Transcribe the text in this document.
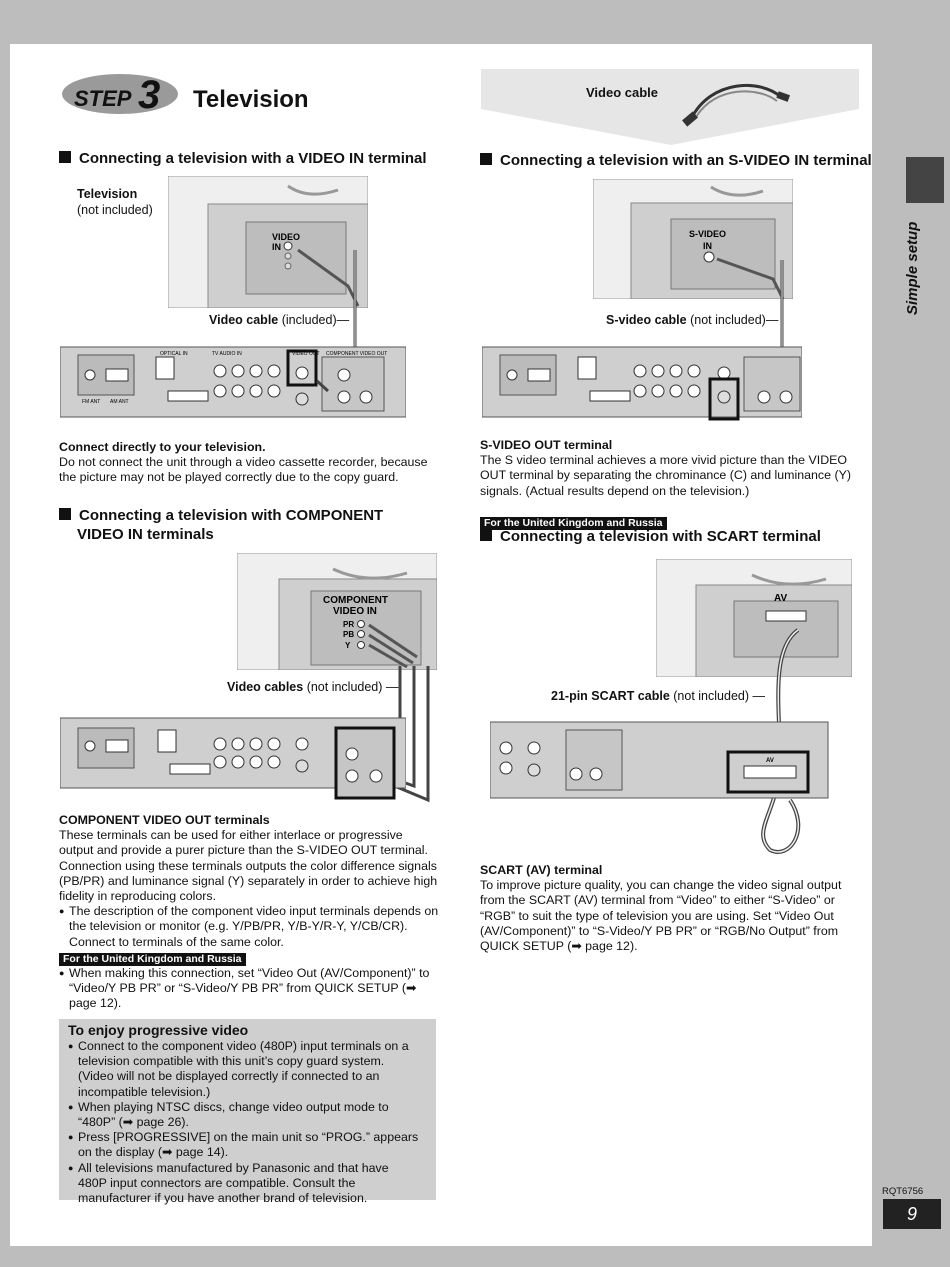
Simple setup
STEP 3 Television	Video cable
Connecting a television with a VIDEO IN terminal
Television
(not included)
VIDEO
IN
Video cable (included)—
OPTICAL IN	TV AUDIO IN	VIDEO OUT COMPONENT VIDEO OUT
FM ANT AM ANT
Connect directly to your television.
Do not connect the unit through a video cassette recorder, because the picture may not be played correctly due to the copy guard.
Connecting a television with an S-VIDEO IN terminal
S-VIDEO
IN
S-video cable (not included)—
S-VIDEO OUT terminal
The S video terminal achieves a more vivid picture than the VIDEO OUT terminal by separating the chrominance (C) and luminance (Y) signals. (Actual results depend on the television.)
Connecting a television with COMPONENT
VIDEO IN terminals
COMPONENT
VIDEO IN
PR
PB
Y
Video cables (not included) —
COMPONENT VIDEO OUT terminals
These terminals can be used for either interlace or progressive output and provide a purer picture than the S-VIDEO OUT terminal. Connection using these terminals outputs the color difference signals (PB/PR) and luminance signal (Y) separately in order to achieve high fidelity in reproducing colors.
● The description of the component video input terminals depends on the television or monitor (e.g. Y/PB/PR, Y/B-Y/R-Y, Y/CB/CR). Connect to terminals of the same color.
For the United Kingdom and Russia
● When making this connection, set “Video Out (AV/Component)” to “Video/Y PB PR” or “S-Video/Y PB PR” from QUICK SETUP (➡ page 12).
To enjoy progressive video
● Connect to the component video (480P) input terminals on a television compatible with this unit’s copy guard system. (Video will not be displayed correctly if connected to an incompatible television.)
● When playing NTSC discs, change video output mode to “480P” (➡ page 26).
● Press [PROGRESSIVE] on the main unit so “PROG.” appears on the display (➡ page 14).
● All televisions manufactured by Panasonic and that have 480P input connectors are compatible. Consult the manufacturer if you have another brand of television.
For the United Kingdom and Russia
Connecting a television with SCART terminal
AV
21-pin SCART cable (not included) —
AV
SCART (AV) terminal
To improve picture quality, you can change the video signal output from the SCART (AV) terminal from “Video” to either “S-Video” or “RGB” to suit the type of television you are using. Set “Video Out (AV/Component)” to “S-Video/Y PB PR” or “RGB/No Output” from QUICK SETUP (➡ page 12).
RQT6756
9
